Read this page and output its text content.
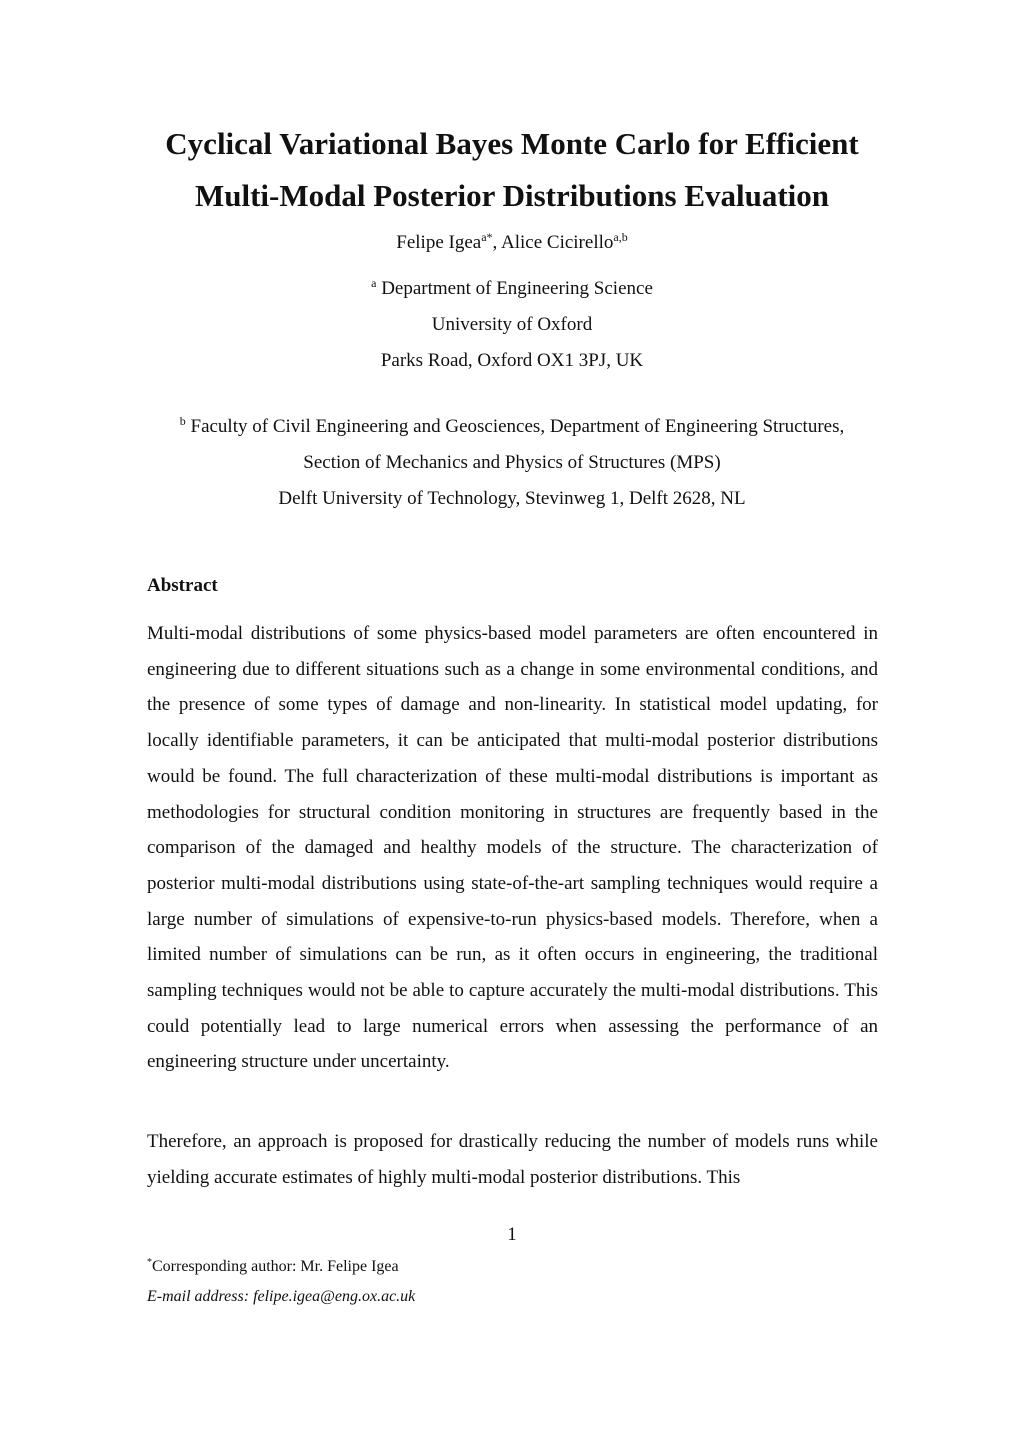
Cyclical Variational Bayes Monte Carlo for Efficient
Multi-Modal Posterior Distributions Evaluation
Felipe Igea$^{a*}$, Alice Cicirello$^{a,b}$
$^a$ Department of Engineering Science
University of Oxford
Parks Road, Oxford OX1 3PJ, UK
$^b$ Faculty of Civil Engineering and Geosciences, Department of Engineering Structures,
Section of Mechanics and Physics of Structures (MPS)
Delft University of Technology, Stevinweg 1, Delft 2628, NL
Abstract

Multi-modal distributions of some physics-based model parameters are often encountered in engineering due to different situations such as a change in some environmental conditions, and the presence of some types of damage and non-linearity. In statistical model updating, for locally identifiable parameters, it can be anticipated that multi-modal posterior distributions would be found. The full characterization of these multi-modal distributions is important as methodologies for structural condition monitoring in structures are frequently based in the comparison of the damaged and healthy models of the structure. The characterization of posterior multi-modal distributions using state-of-the-art sampling techniques would require a large number of simulations of expensive-to-run physics-based models. Therefore, when a limited number of simulations can be run, as it often occurs in engineering, the traditional sampling techniques would not be able to capture accurately the multi-modal distributions. This could potentially lead to large numerical errors when assessing the performance of an engineering structure under uncertainty.

Therefore, an approach is proposed for drastically reducing the number of models runs while yielding accurate estimates of highly multi-modal posterior distributions. This

1
*Corresponding author: Mr. Felipe Igea
E-mail address: felipe.igea@eng.ox.ac.uk
